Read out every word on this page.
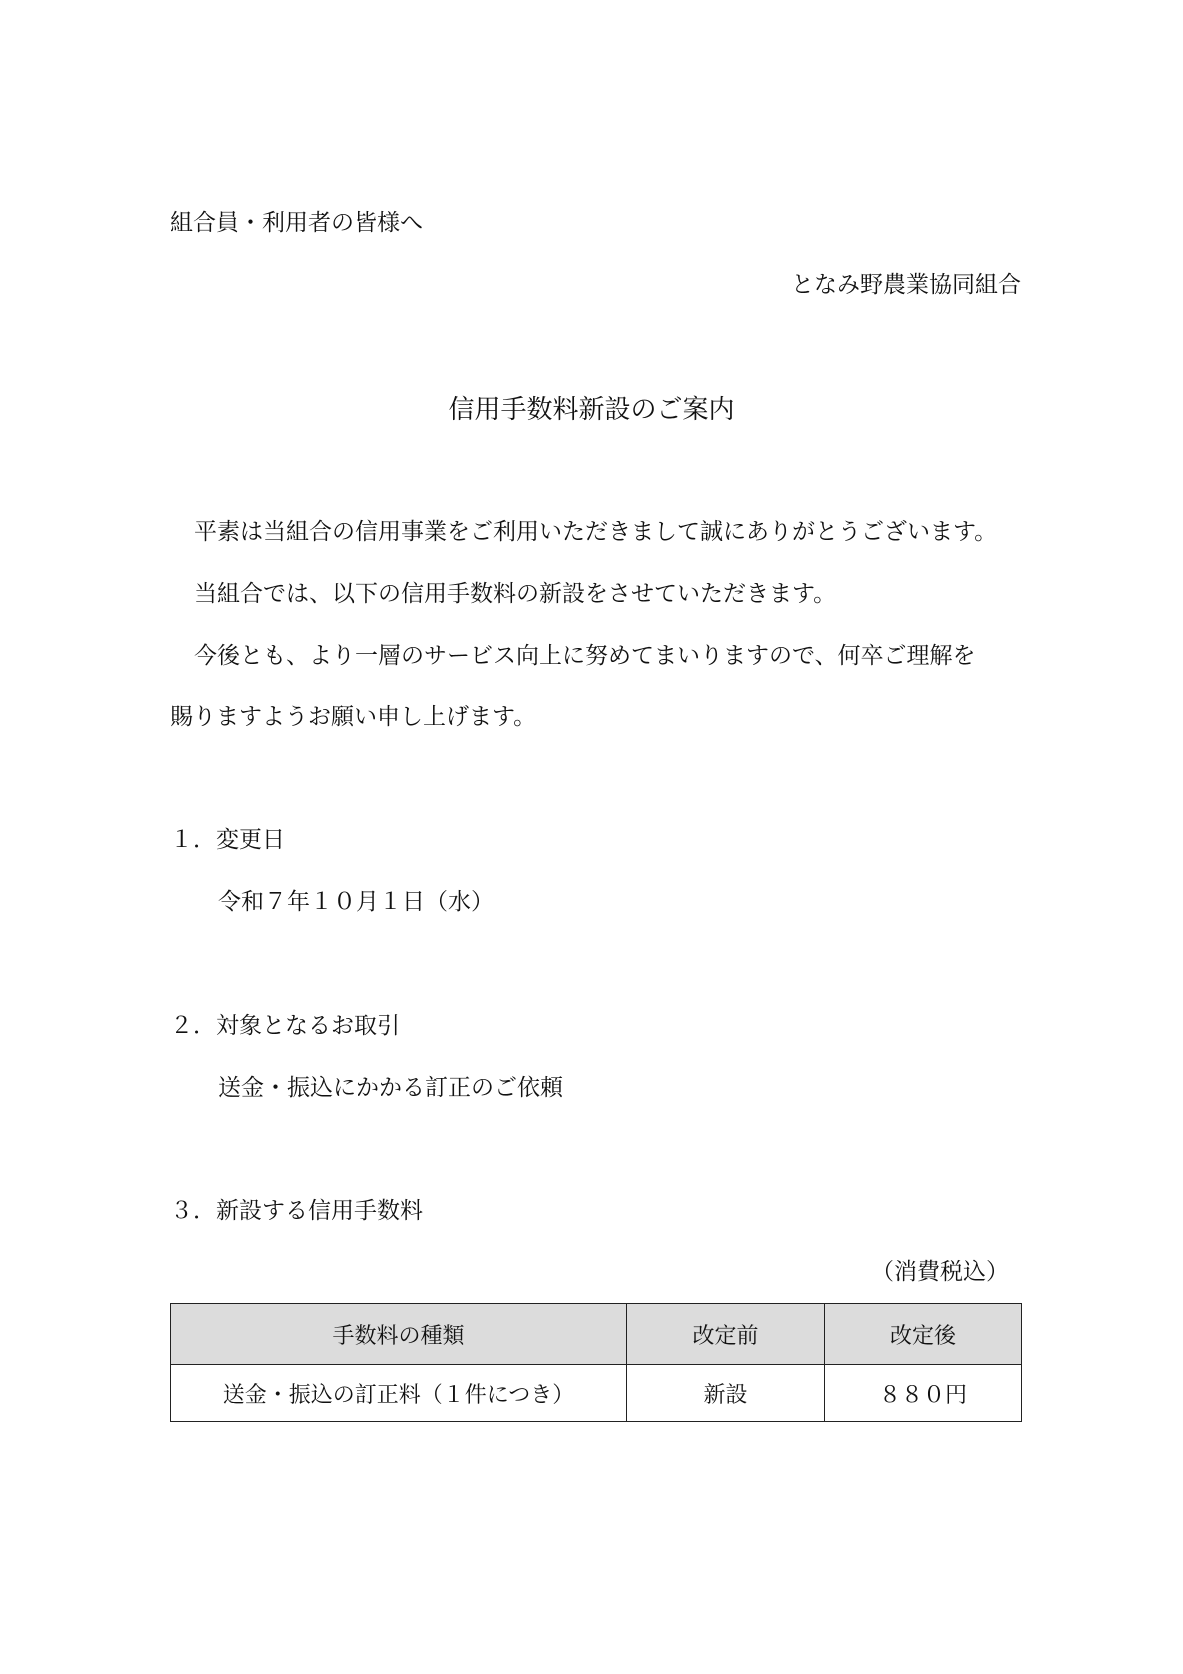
組合員・利用者の皆様へ
となみ野農業協同組合
信用手数料新設のご案内
平素は当組合の信用事業をご利用いただきまして誠にありがとうございます。
当組合では、以下の信用手数料の新設をさせていただきます。
今後とも、より一層のサービス向上に努めてまいりますので、何卒ご理解を
賜りますようお願い申し上げます。
１．変更日
令和７年１０月１日（水）
２．対象となるお取引
送金・振込にかかる訂正のご依頼
３．新設する信用手数料
（消費税込）
手数料の種類	改定前	改定後
送金・振込の訂正料（１件につき）	新設	８８０円
